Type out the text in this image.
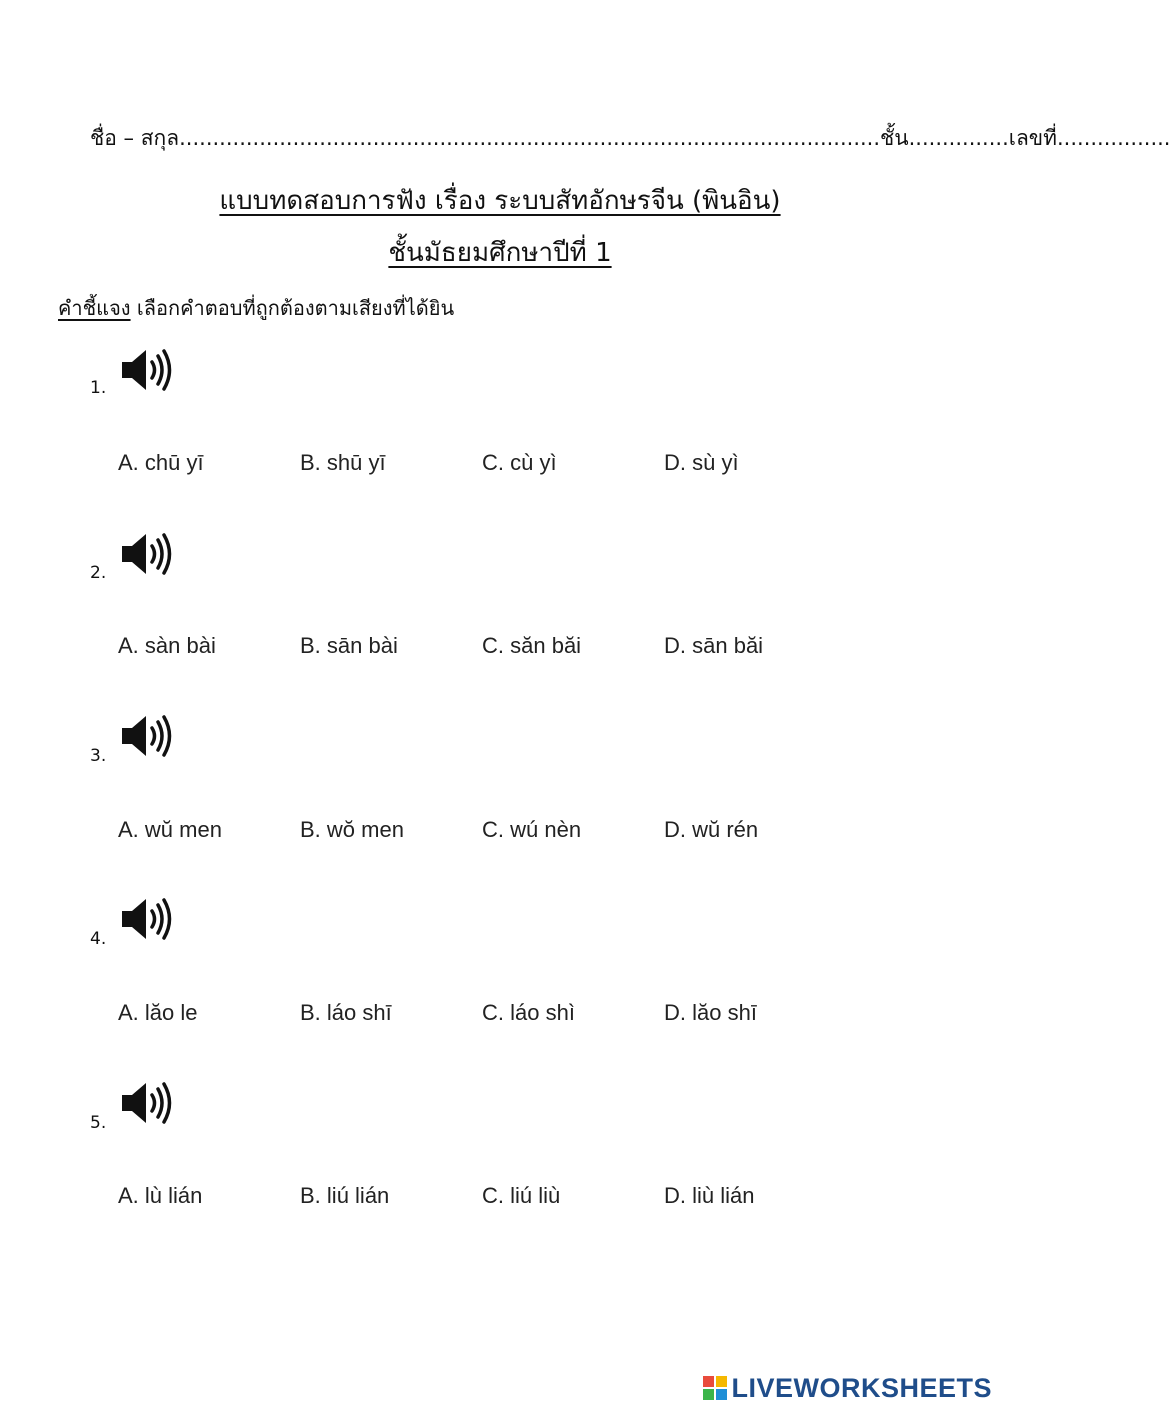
ชื่อ – สกุล.........................................................................................................ชั้น...............เลขที่.................
แบบทดสอบการฟัง เรื่อง ระบบสัทอักษรจีน (พินอิน)
ชั้นมัธยมศึกษาปีที่ 1
คำชี้แจง เลือกคำตอบที่ถูกต้องตามเสียงที่ได้ยิน
1.
A. chū yī	B. shū yī	C. cù yì	D. sù yì
2.
A. sàn bài	B. sān bài	C. săn băi	D. sān băi
3.
A. wŭ men	B. wŏ men	C. wú nèn	D. wŭ rén
4.
A. lăo le	B. láo shī	C. láo shì	D. lăo shī
5.
A. lù lián	B. liú lián	C. liú liù	D. liù lián
LIVEWORKSHEETS
